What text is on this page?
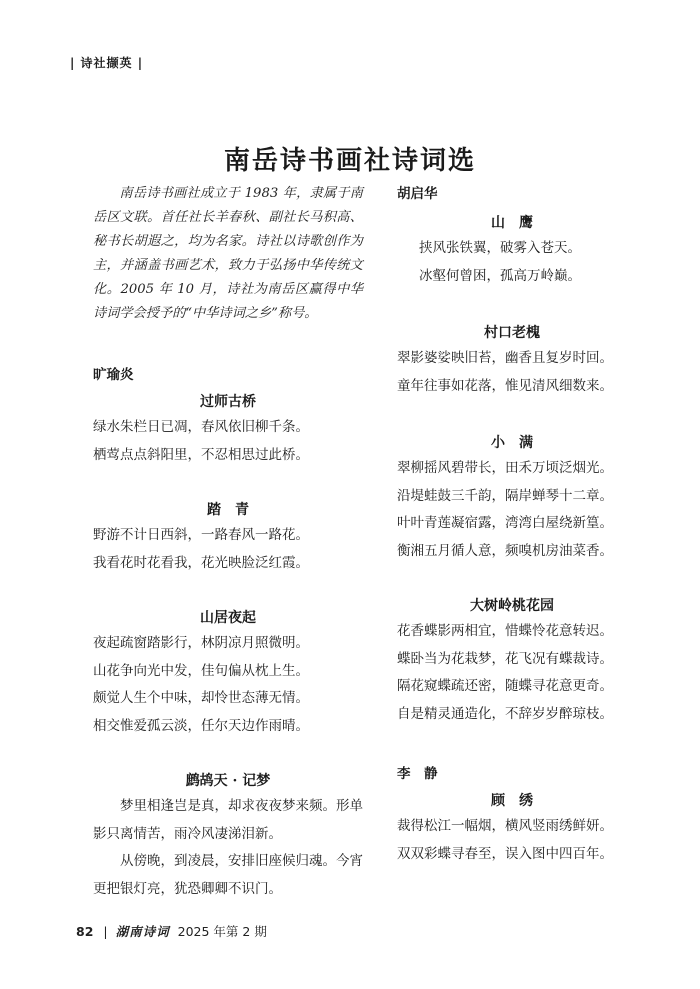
| 诗社撷英 |
南岳诗书画社诗词选

南岳诗书画社成立于 1983 年，隶属于南岳区文联。首任社长羊春秋、副社长马积高、秘书长胡遐之，均为名家。诗社以诗歌创作为主，并涵盖书画艺术，致力于弘扬中华传统文化。2005 年 10 月，诗社为南岳区赢得中华诗词学会授予的“中华诗词之乡”称号。

旷瑜炎
过师古桥
绿水朱栏日已凋，春风依旧柳千条。
栖莺点点斜阳里，不忍相思过此桥。
踏　青
野游不计日西斜，一路春风一路花。
我看花时花看我，花光映脸泛红霞。
山居夜起
夜起疏窗踏影行，林阴凉月照微明。
山花争向光中发，佳句偏从枕上生。
颇觉人生个中味，却怜世态薄无情。
相交惟爱孤云淡，任尔天边作雨晴。
鹧鸪天 · 记梦

梦里相逢岂是真，却求夜夜梦来频。形单影只离情苦，雨冷风凄涕泪新。

从傍晚，到凌晨，安排旧座候归魂。今宵更把银灯亮，犹恐卿卿不识门。

胡启华
山　鹰
挟风张铁翼，破雾入苍天。
冰壑何曾困，孤高万岭巅。
村口老槐
翠影婆娑映旧苔，幽香且复岁时回。
童年往事如花落，惟见清风细数来。
小　满
翠柳摇风碧带长，田禾万顷泛烟光。
沿堤蛙鼓三千韵，隔岸蝉琴十二章。
叶叶青莲凝宿露，湾湾白屋绕新篁。
衡湘五月循人意，频嗅机房油菜香。
大树岭桃花园
花香蝶影两相宜，惜蝶怜花意转迟。
蝶卧当为花栽梦，花飞况有蝶裁诗。
隔花窥蝶疏还密，随蝶寻花意更奇。
自是精灵通造化，不辞岁岁醉琼枝。
李　静
顾　绣
裁得松江一幅烟，横风竖雨绣鲜妍。
双双彩蝶寻春至，误入图中四百年。
82 | 湖南诗词 2025 年第 2 期
